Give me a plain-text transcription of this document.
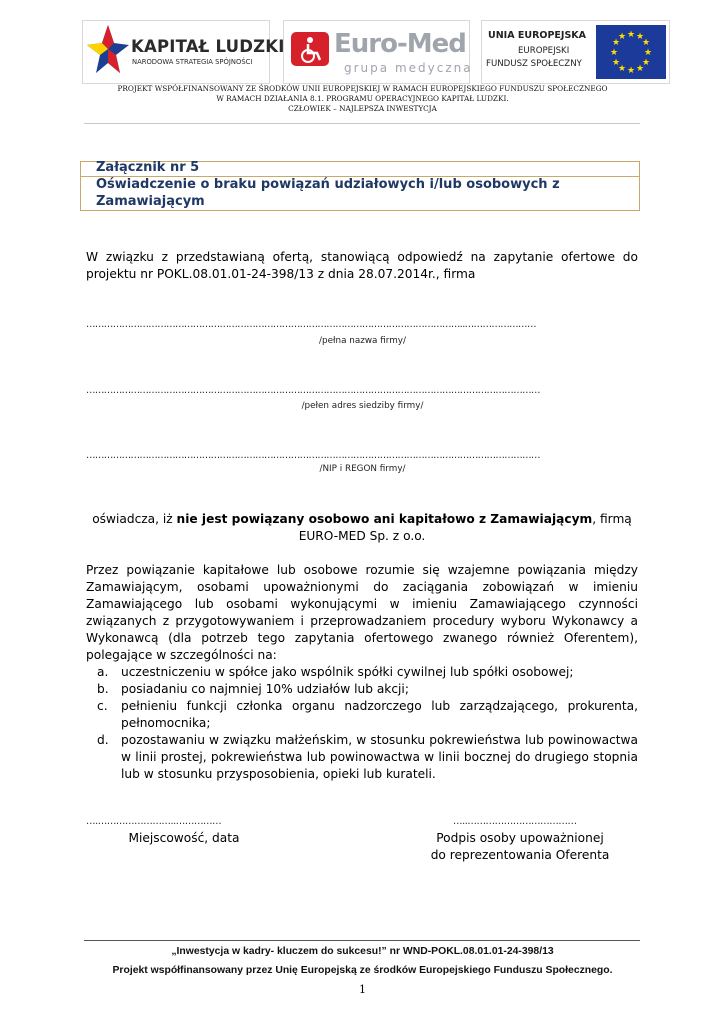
KAPITAŁ LUDZKI
NARODOWA STRATEGIA SPÓJNOŚCI
Euro-Med
grupa medyczna
UNIA EUROPEJSKA
EUROPEJSKI
FUNDUSZ SPOŁECZNY
★ ★
★
★
★
★
★
★
★
★
★
★
PROJEKT WSPÓŁFINANSOWANY ZE ŚRODKÓW UNII EUROPEJSKIEJ W RAMACH EUROPEJSKIEGO FUNDUSZU SPOŁECZNEGO
W RAMACH DZIAŁANIA 8.1. PROGRAMU OPERACYJNEGO KAPITAŁ LUDZKI.
CZŁOWIEK – NAJLEPSZA INWESTYCJA
Załącznik nr 5
Oświadczenie o braku powiązań udziałowych i/lub osobowych z
Zamawiającym
W związku z przedstawianą ofertą, stanowiącą odpowiedź na zapytanie ofertowe do projektu nr POKL.08.01.01-24-398/13 z dnia 28.07.2014r., firma
………………………………………………………………………………………………………………..……………………
/pełna nazwa firmy/
………………………………………………………………………………………………………………………………………
/pełen adres siedziby firmy/
………………………………………………………………………………………………………………………………………
/NIP i REGON firmy/
oświadcza, iż nie jest powiązany osobowo ani kapitałowo z Zamawiającym, firmą
EURO-MED Sp. z o.o.
Przez powiązanie kapitałowe lub osobowe rozumie się wzajemne powiązania między Zamawiającym, osobami upoważnionymi do zaciągania zobowiązań w imieniu Zamawiającego lub osobami wykonującymi w imieniu Zamawiającego czynności związanych z przygotowywaniem i przeprowadzaniem procedury wyboru Wykonawcy a Wykonawcą (dla potrzeb tego zapytania ofertowego zwanego również Oferentem), polegające w szczególności na:
a. uczestniczeniu w spółce jako wspólnik spółki cywilnej lub spółki osobowej;
b. posiadaniu co najmniej 10% udziałów lub akcji;
c. pełnieniu funkcji członka organu nadzorczego lub zarządzającego, prokurenta, pełnomocnika;
d. pozostawaniu w związku małżeńskim, w stosunku pokrewieństwa lub powinowactwa w linii prostej, pokrewieństwa lub powinowactwa w linii bocznej do drugiego stopnia lub w stosunku przysposobienia, opieki lub kurateli.
….……………………..……………
Miejscowość, data
…..………………………………
Podpis osoby upoważnionej
do reprezentowania Oferenta
„Inwestycja w kadry- kluczem do sukcesu!” nr WND-POKL.08.01.01-24-398/13
Projekt współfinansowany przez Unię Europejską ze środków Europejskiego Funduszu Społecznego.
1
